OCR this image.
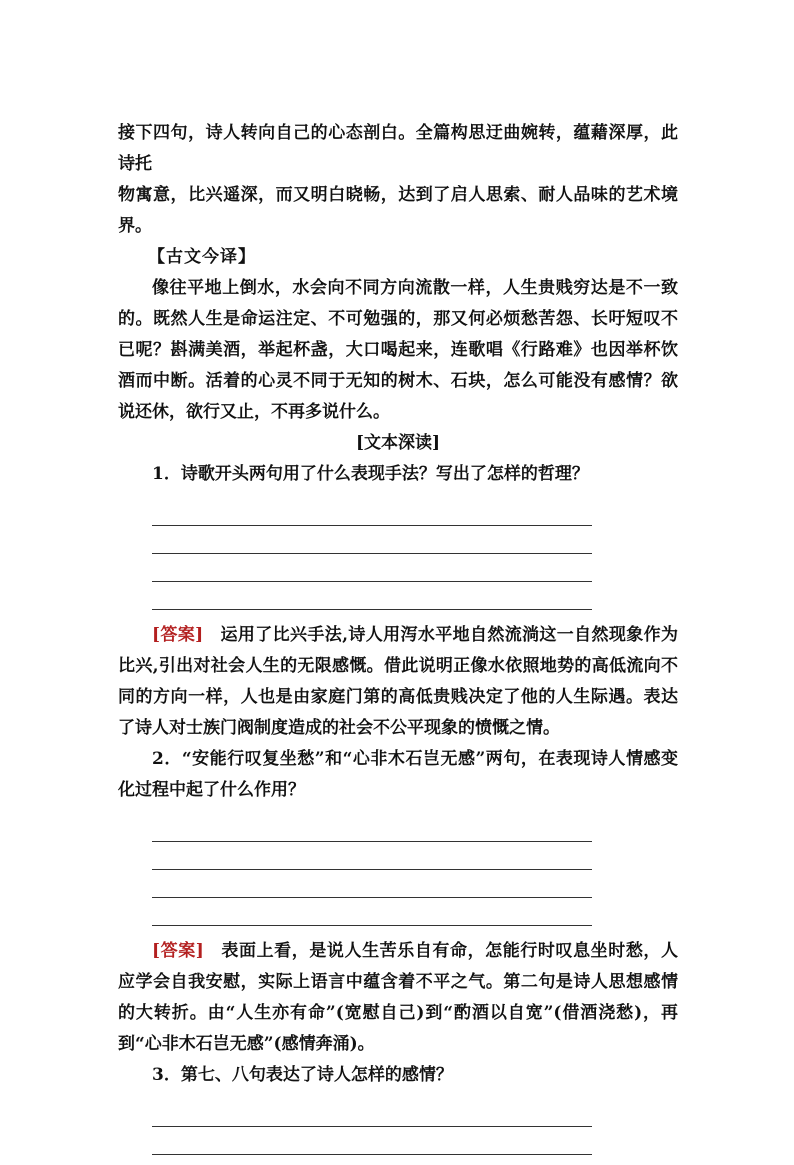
接下四句，诗人转向自己的心态剖白。全篇构思迂曲婉转，蕴藉深厚，此诗托

物寓意，比兴遥深，而又明白晓畅，达到了启人思索、耐人品味的艺术境界。

【古文今译】

像往平地上倒水，水会向不同方向流散一样，人生贵贱穷达是不一致的。既然人生是命运注定、不可勉强的，那又何必烦愁苦怨、长吁短叹不已呢？斟满美酒，举起杯盏，大口喝起来，连歌唱《行路难》也因举杯饮酒而中断。活着的心灵不同于无知的树木、石块，怎么可能没有感情？欲说还休，欲行又止，不再多说什么。

[文本深读]

1．诗歌开头两句用了什么表现手法？写出了怎样的哲理？

[答案]  运用了比兴手法,诗人用泻水平地自然流淌这一自然现象作为比兴,引出对社会人生的无限感慨。借此说明正像水依照地势的高低流向不同的方向一样，人也是由家庭门第的高低贵贱决定了他的人生际遇。表达了诗人对士族门阀制度造成的社会不公平现象的愤慨之情。

2．“安能行叹复坐愁”和“心非木石岂无感”两句，在表现诗人情感变化过程中起了什么作用？

[答案]  表面上看，是说人生苦乐自有命，怎能行时叹息坐时愁，人应学会自我安慰，实际上语言中蕴含着不平之气。第二句是诗人思想感情的大转折。由“人生亦有命”(宽慰自己)到“酌酒以自宽”(借酒浇愁)，再到“心非木石岂无感”(感情奔涌)。

3．第七、八句表达了诗人怎样的感情？
